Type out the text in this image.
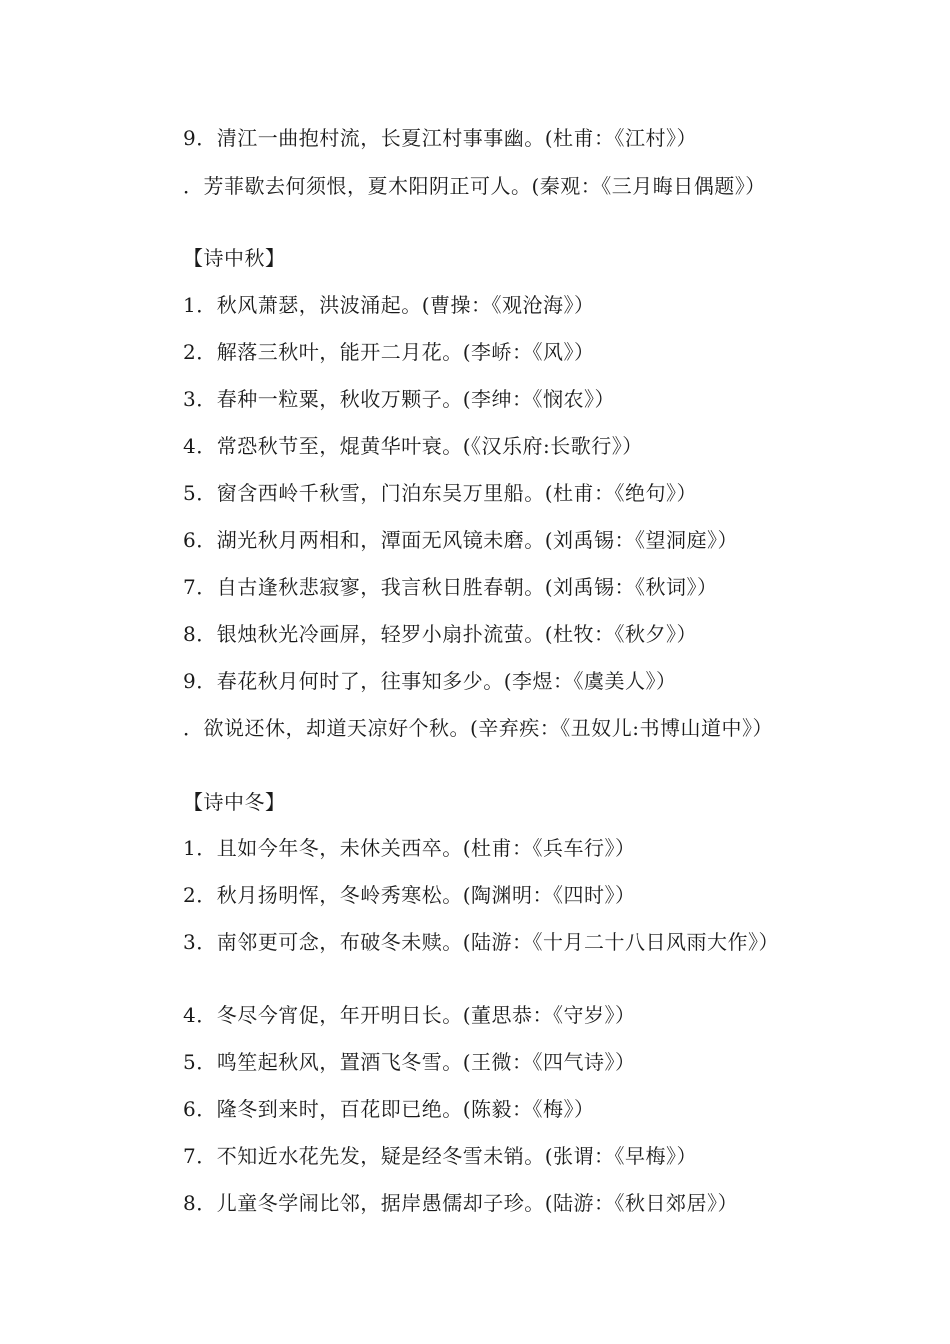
9．清江一曲抱村流，长夏江村事事幽。(杜甫：《江村》）
．芳菲歇去何须恨，夏木阳阴正可人。(秦观：《三月晦日偶题》）
【诗中秋】
1．秋风萧瑟，洪波涌起。(曹操：《观沧海》）
2．解落三秋叶，能开二月花。(李峤：《风》）
3．春种一粒粟，秋收万颗子。(李绅：《悯农》）
4．常恐秋节至，焜黄华叶衰。(《汉乐府:长歌行》）
5．窗含西岭千秋雪，门泊东吴万里船。(杜甫：《绝句》）
6．湖光秋月两相和，潭面无风镜未磨。(刘禹锡：《望洞庭》）
7．自古逢秋悲寂寥，我言秋日胜春朝。(刘禹锡：《秋词》）
8．银烛秋光冷画屏，轻罗小扇扑流萤。(杜牧：《秋夕》）
9．春花秋月何时了，往事知多少。(李煜：《虞美人》）
．欲说还休，却道天凉好个秋。(辛弃疾：《丑奴儿:书博山道中》）
【诗中冬】
1．且如今年冬，未休关西卒。(杜甫：《兵车行》）
2．秋月扬明恽，冬岭秀寒松。(陶渊明：《四时》）
3．南邻更可念，布破冬未赎。(陆游：《十月二十八日风雨大作》）
4．冬尽今宵促，年开明日长。(董思恭：《守岁》）
5．鸣笙起秋风，置酒飞冬雪。(王微：《四气诗》）
6．隆冬到来时，百花即已绝。(陈毅：《梅》）
7．不知近水花先发，疑是经冬雪未销。(张谓：《早梅》）
8．儿童冬学闹比邻，据岸愚儒却子珍。(陆游：《秋日郊居》）
